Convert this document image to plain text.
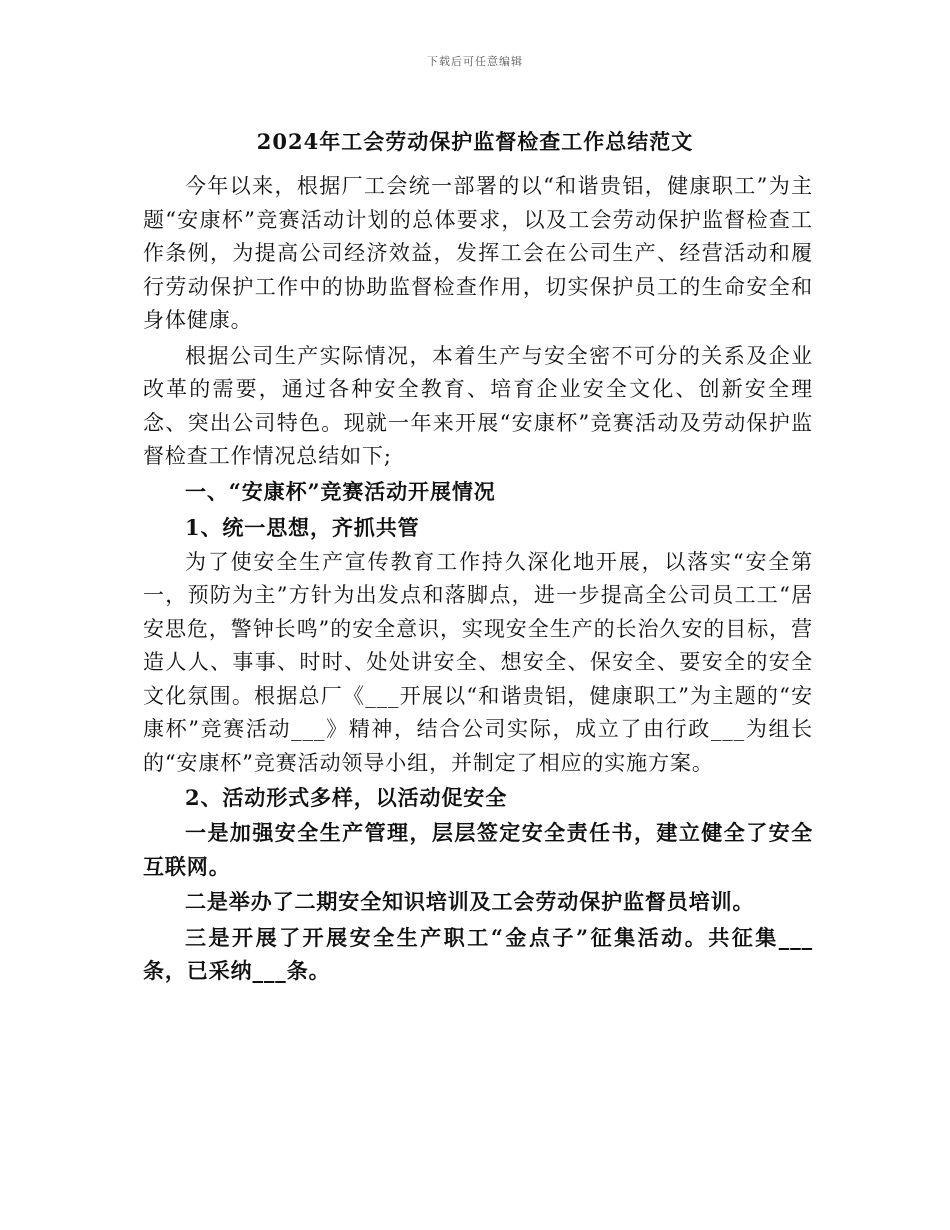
下载后可任意编辑
2024年工会劳动保护监督检查工作总结范文

今年以来，根据厂工会统一部署的以“和谐贵铝，健康职工”为主题“安康杯”竞赛活动计划的总体要求，以及工会劳动保护监督检查工作条例，为提高公司经济效益，发挥工会在公司生产、经营活动和履行劳动保护工作中的协助监督检查作用，切实保护员工的生命安全和身体健康。

根据公司生产实际情况，本着生产与安全密不可分的关系及企业改革的需要，通过各种安全教育、培育企业安全文化、创新安全理念、突出公司特色。现就一年来开展“安康杯”竞赛活动及劳动保护监督检查工作情况总结如下;

一、“安康杯”竞赛活动开展情况

1、统一思想，齐抓共管

为了使安全生产宣传教育工作持久深化地开展，以落实“安全第一，预防为主”方针为出发点和落脚点，进一步提高全公司员工工“居安思危，警钟长鸣”的安全意识，实现安全生产的长治久安的目标，营造人人、事事、时时、处处讲安全、想安全、保安全、要安全的安全文化氛围。根据总厂《___开展以“和谐贵铝，健康职工”为主题的“安康杯”竞赛活动___》精神，结合公司实际，成立了由行政___为组长的“安康杯”竞赛活动领导小组，并制定了相应的实施方案。

2、活动形式多样，以活动促安全

一是加强安全生产管理，层层签定安全责任书，建立健全了安全互联网。

二是举办了二期安全知识培训及工会劳动保护监督员培训。

三是开展了开展安全生产职工“金点子”征集活动。共征集___条，已采纳___条。
